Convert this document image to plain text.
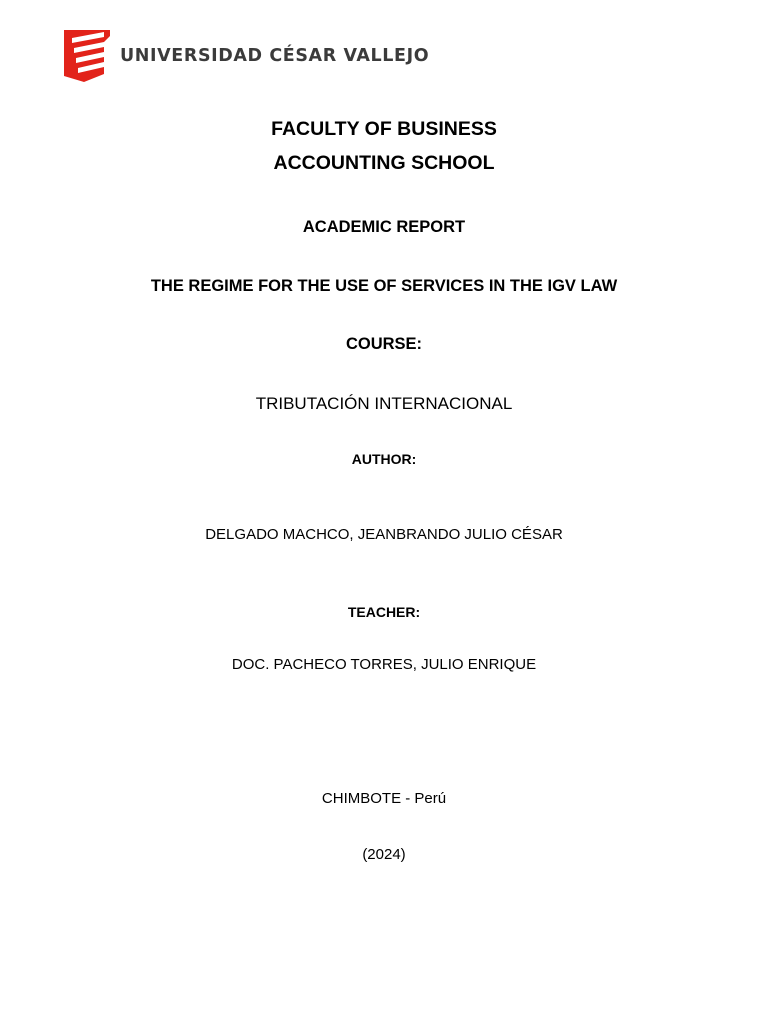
UNIVERSIDAD CÉSAR VALLEJO
FACULTY OF BUSINESS
ACCOUNTING SCHOOL
ACADEMIC REPORT
THE REGIME FOR THE USE OF SERVICES IN THE IGV LAW
COURSE:
TRIBUTACIÓN INTERNACIONAL
AUTHOR:
DELGADO MACHCO, JEANBRANDO JULIO CÉSAR
TEACHER:
DOC. PACHECO TORRES, JULIO ENRIQUE
CHIMBOTE - Perú
(2024)
